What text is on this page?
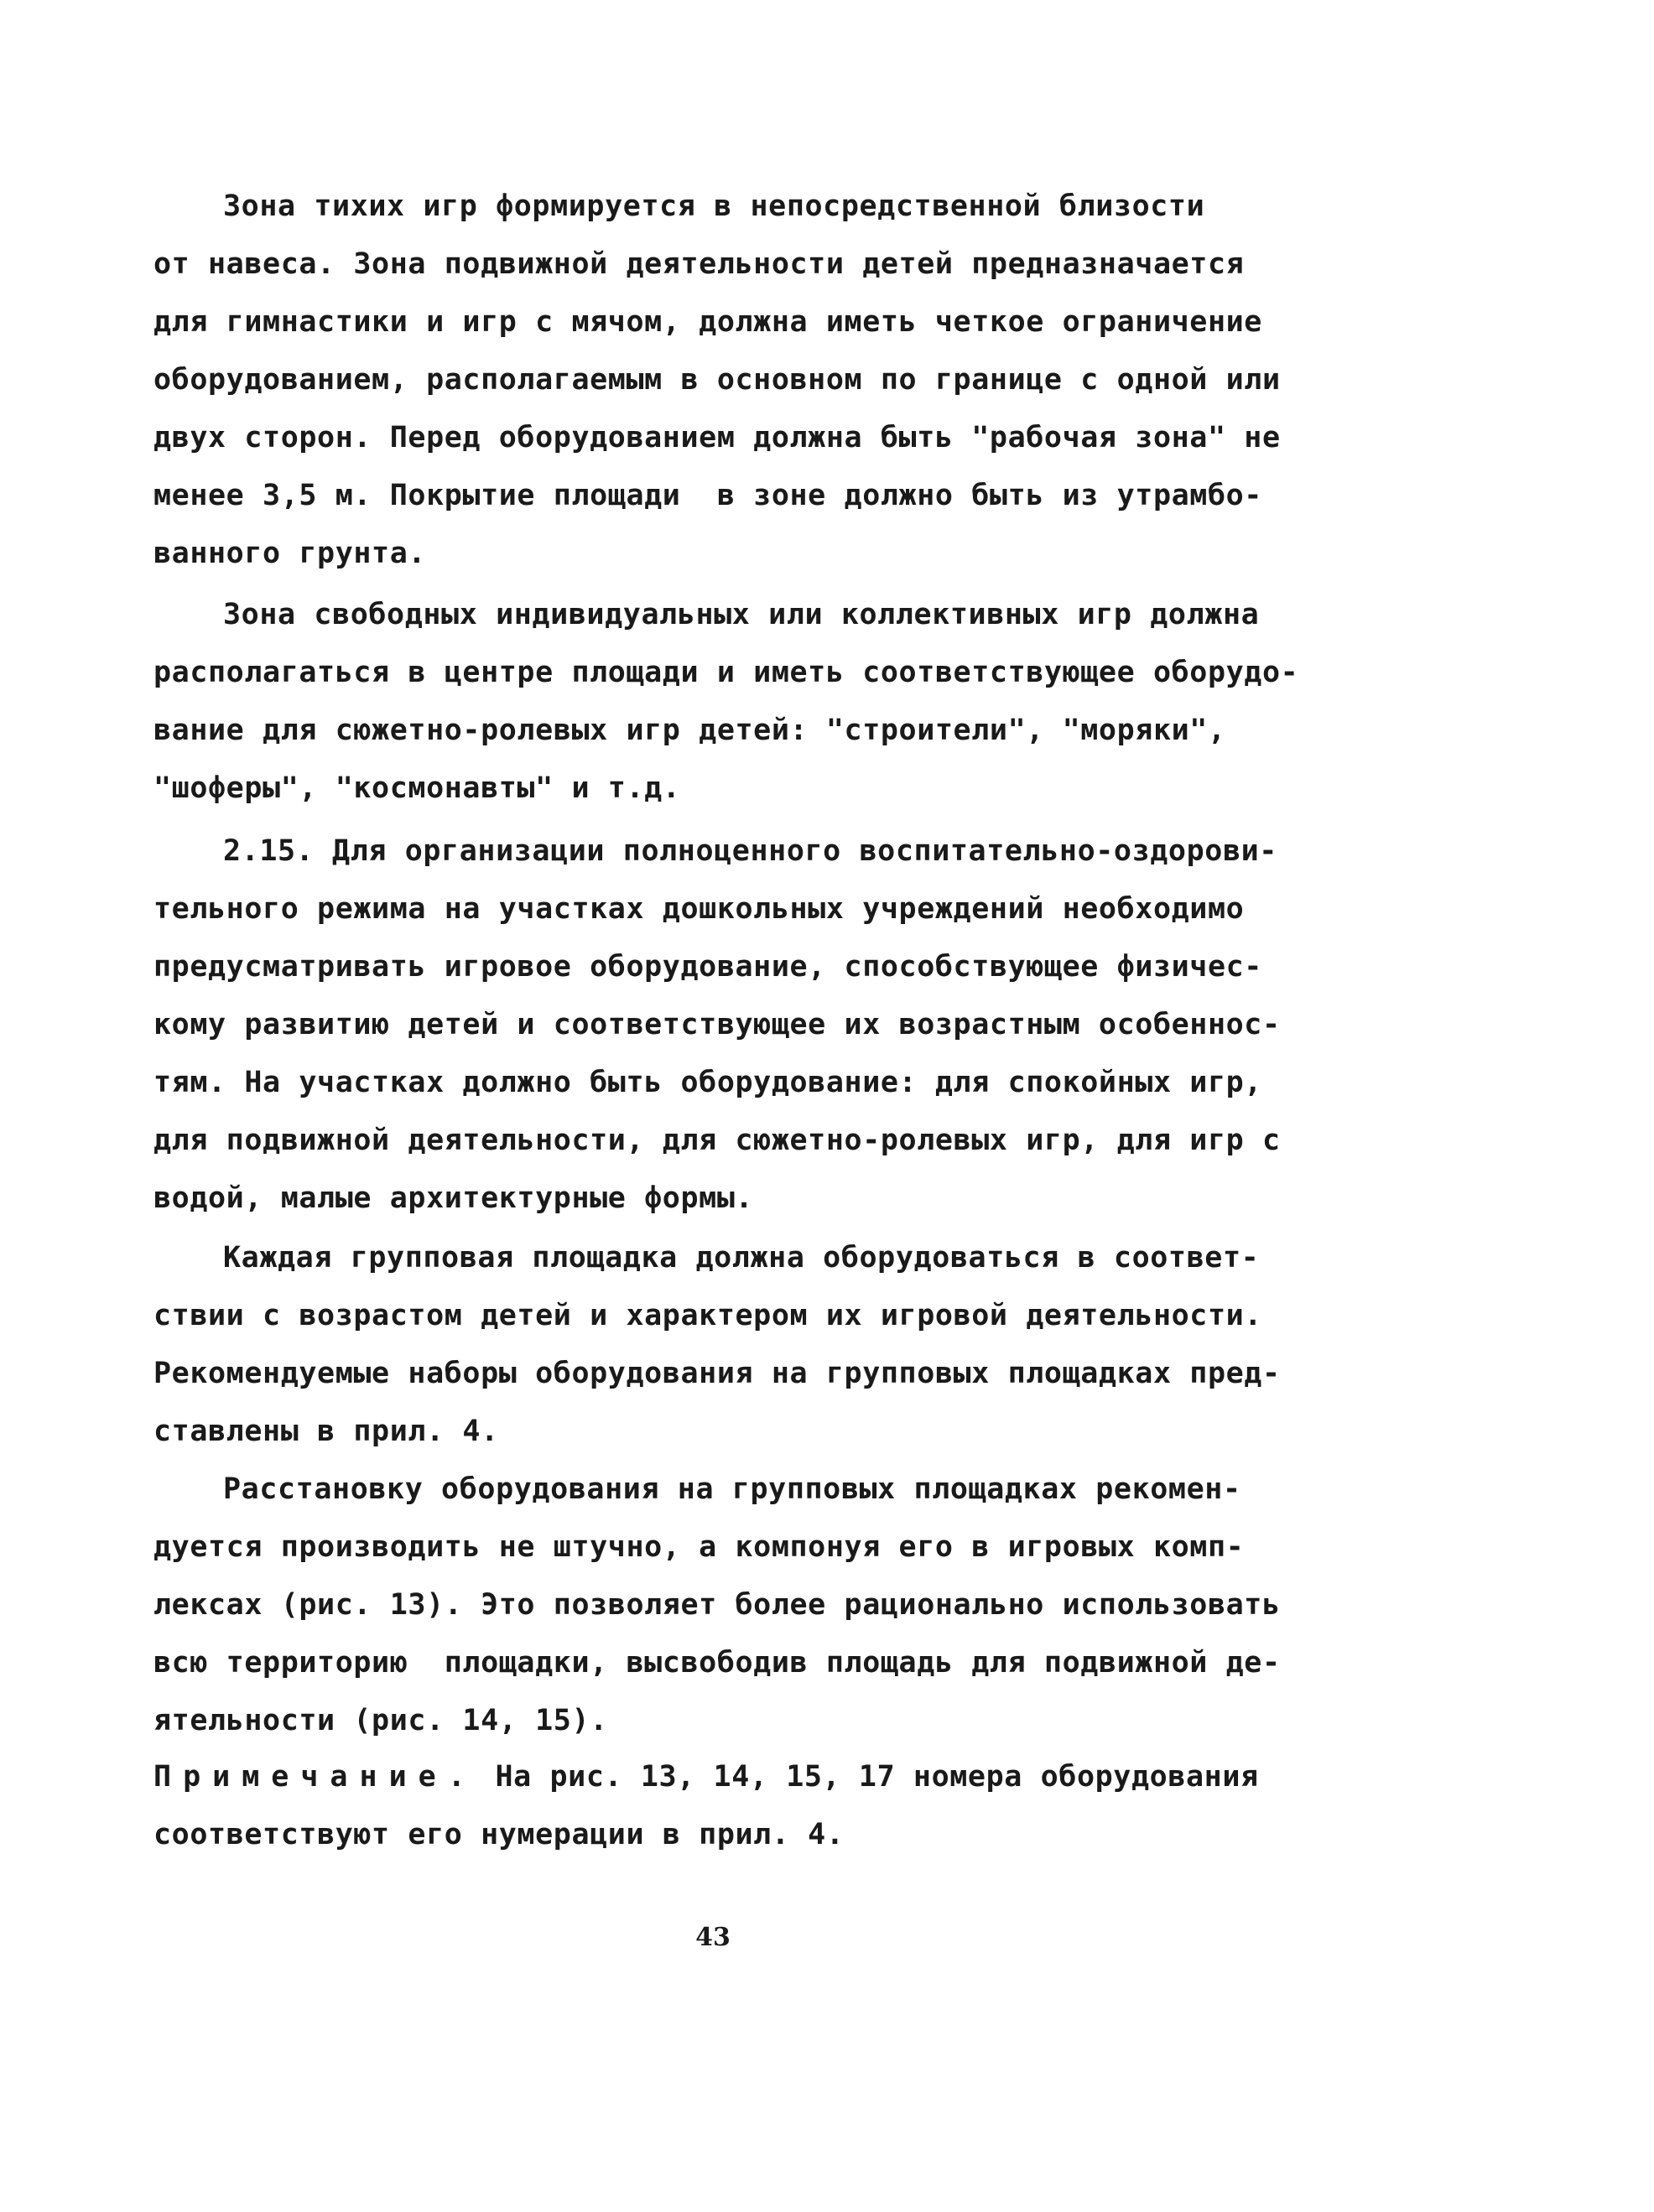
Зона тихих игр формируется в непосредственной близости
от навеса. Зона подвижной деятельности детей предназначается
для гимнастики и игр с мячом, должна иметь четкое ограничение
оборудованием, располагаемым в основном по границе с одной или
двух сторон. Перед оборудованием должна быть "рабочая зона" не
менее 3,5 м. Покрытие площади  в зоне должно быть из утрамбо-
ванного грунта.
Зона свободных индивидуальных или коллективных игр должна
располагаться в центре площади и иметь соответствующее оборудо-
вание для сюжетно-ролевых игр детей: "строители", "моряки",
"шоферы", "космонавты" и т.д.
2.15. Для организации полноценного воспитательно-оздорови-
тельного режима на участках дошкольных учреждений необходимо
предусматривать игровое оборудование, способствующее физичес-
кому развитию детей и соответствующее их возрастным особеннос-
тям. На участках должно быть оборудование: для спокойных игр,
для подвижной деятельности, для сюжетно-ролевых игр, для игр с
водой, малые архитектурные формы.
Каждая групповая площадка должна оборудоваться в соответ-
ствии с возрастом детей и характером их игровой деятельности.
Рекомендуемые наборы оборудования на групповых площадках пред-
ставлены в прил. 4.
Расстановку оборудования на групповых площадках рекомен-
дуется производить не штучно, а компонуя его в игровых комп-
лексах (рис. 13). Это позволяет более рационально использовать
всю территорию  площадки, высвободив площадь для подвижной де-
ятельности (рис. 14, 15).
Примечание. На рис. 13, 14, 15, 17 номера оборудования
соответствуют его нумерации в прил. 4.
43
